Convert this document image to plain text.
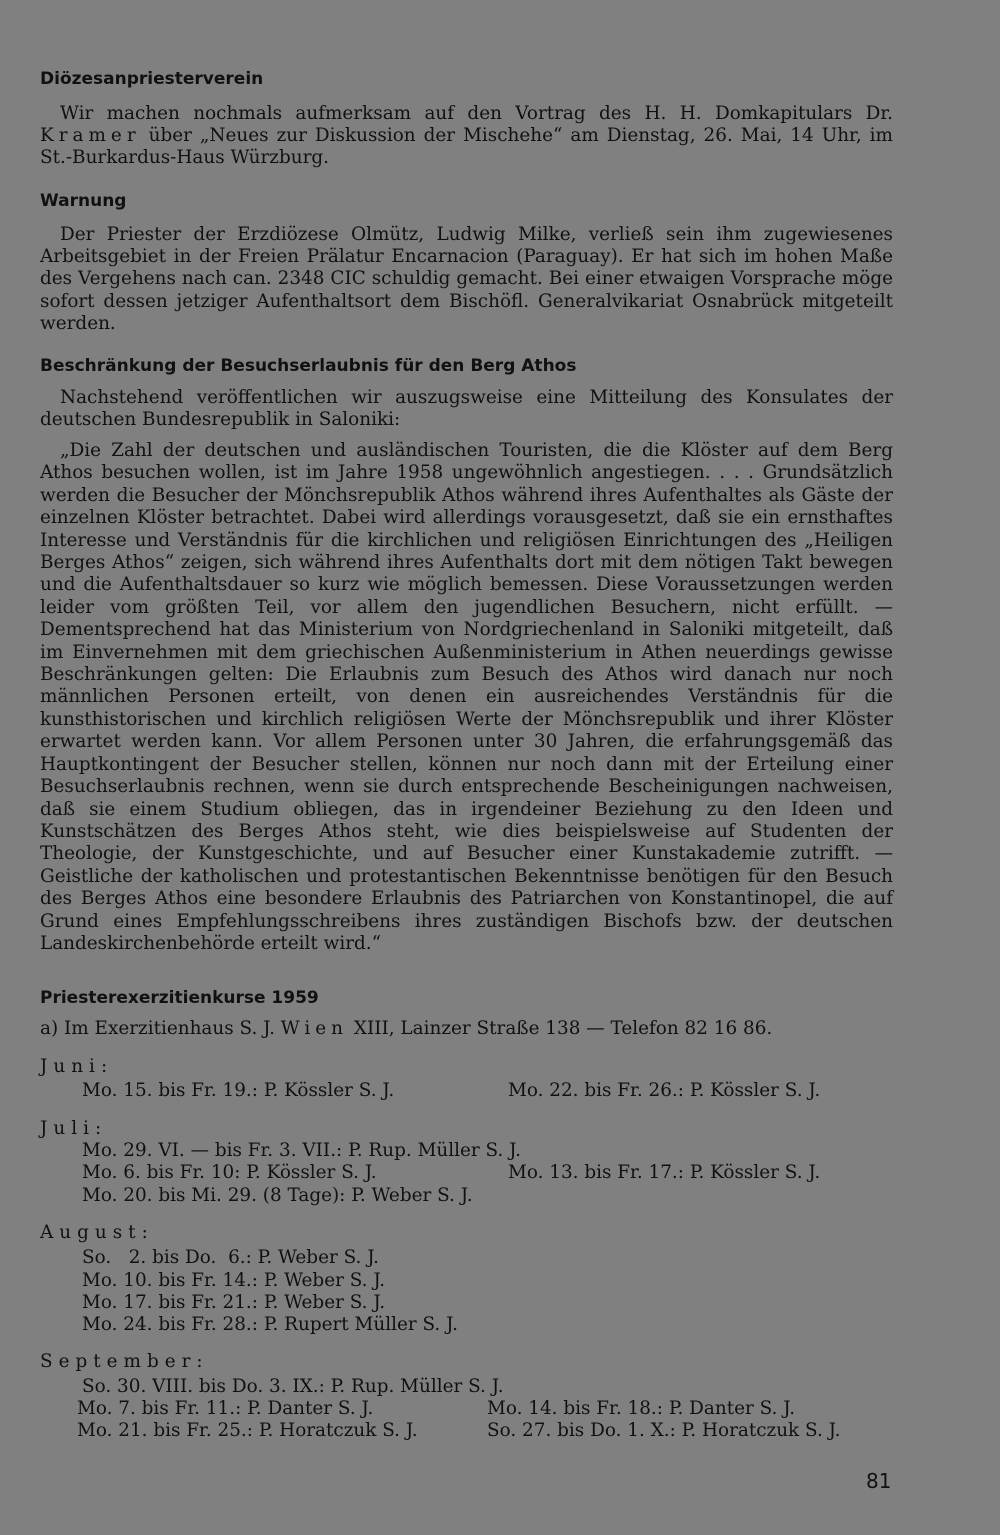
Diözesanpriesterverein

Wir machen nochmals aufmerksam auf den Vortrag des H. H. Domkapitulars Dr. Kramer über „Neues zur Diskussion der Mischehe“ am Dienstag, 26. Mai, 14 Uhr, im St.-Burkardus-Haus Würzburg.

Warnung

Der Priester der Erzdiözese Olmütz, Ludwig Milke, verließ sein ihm zugewiesenes Arbeitsgebiet in der Freien Prälatur Encarnacion (Paraguay). Er hat sich im hohen Maße des Vergehens nach can. 2348 CIC schuldig gemacht. Bei einer etwaigen Vorsprache möge sofort dessen jetziger Aufenthaltsort dem Bischöfl. Generalvikariat Osnabrück mitgeteilt werden.

Beschränkung der Besuchserlaubnis für den Berg Athos

Nachstehend veröffentlichen wir auszugsweise eine Mitteilung des Konsulates der deutschen Bundesrepublik in Saloniki:

„Die Zahl der deutschen und ausländischen Touristen, die die Klöster auf dem Berg Athos besuchen wollen, ist im Jahre 1958 ungewöhnlich angestiegen. . . . Grundsätzlich werden die Besucher der Mönchsrepublik Athos während ihres Aufenthaltes als Gäste der einzelnen Klöster betrachtet. Dabei wird allerdings vorausgesetzt, daß sie ein ernsthaftes Interesse und Verständnis für die kirchlichen und religiösen Einrichtungen des „Heiligen Berges Athos“ zeigen, sich während ihres Aufenthalts dort mit dem nötigen Takt bewegen und die Aufenthaltsdauer so kurz wie möglich bemessen. Diese Voraussetzungen werden leider vom größten Teil, vor allem den jugendlichen Besuchern, nicht erfüllt. — Dementsprechend hat das Ministerium von Nordgriechenland in Saloniki mitgeteilt, daß im Einvernehmen mit dem griechischen Außenministerium in Athen neuerdings gewisse Beschränkungen gelten: Die Erlaubnis zum Besuch des Athos wird danach nur noch männlichen Personen erteilt, von denen ein ausreichendes Verständnis für die kunsthistorischen und kirchlich religiösen Werte der Mönchsrepublik und ihrer Klöster erwartet werden kann. Vor allem Personen unter 30 Jahren, die erfahrungsgemäß das Hauptkontingent der Besucher stellen, können nur noch dann mit der Erteilung einer Besuchserlaubnis rechnen, wenn sie durch entsprechende Bescheinigungen nachweisen, daß sie einem Studium obliegen, das in irgendeiner Beziehung zu den Ideen und Kunstschätzen des Berges Athos steht, wie dies beispielsweise auf Studenten der Theologie, der Kunstgeschichte, und auf Besucher einer Kunstakademie zutrifft. — Geistliche der katholischen und protestantischen Bekenntnisse benötigen für den Besuch des Berges Athos eine besondere Erlaubnis des Patriarchen von Konstantinopel, die auf Grund eines Empfehlungsschreibens ihres zuständigen Bischofs bzw. der deutschen Landeskirchenbehörde erteilt wird.“

Priesterexerzitienkurse 1959

a) Im Exerzitienhaus S. J. Wien XIII, Lainzer Straße 138 — Telefon 82 16 86.

Juni:

Mo. 15. bis Fr. 19.: P. Kössler S. J.	Mo. 22. bis Fr. 26.: P. Kössler S. J.

Juli:

Mo. 29. VI. — bis Fr. 3. VII.: P. Rup. Müller S. J.

Mo. 6. bis Fr. 10: P. Kössler S. J.	Mo. 13. bis Fr. 17.: P. Kössler S. J.

Mo. 20. bis Mi. 29. (8 Tage): P. Weber S. J.

August:

So.   2. bis Do.  6.: P. Weber S. J.

Mo. 10. bis Fr. 14.: P. Weber S. J.

Mo. 17. bis Fr. 21.: P. Weber S. J.

Mo. 24. bis Fr. 28.: P. Rupert Müller S. J.

September:

So. 30. VIII. bis Do. 3. IX.: P. Rup. Müller S. J.

Mo. 7. bis Fr. 11.: P. Danter S. J.	Mo. 14. bis Fr. 18.: P. Danter S. J.

Mo. 21. bis Fr. 25.: P. Horatczuk S. J.	So. 27. bis Do. 1. X.: P. Horatczuk S. J.

81
